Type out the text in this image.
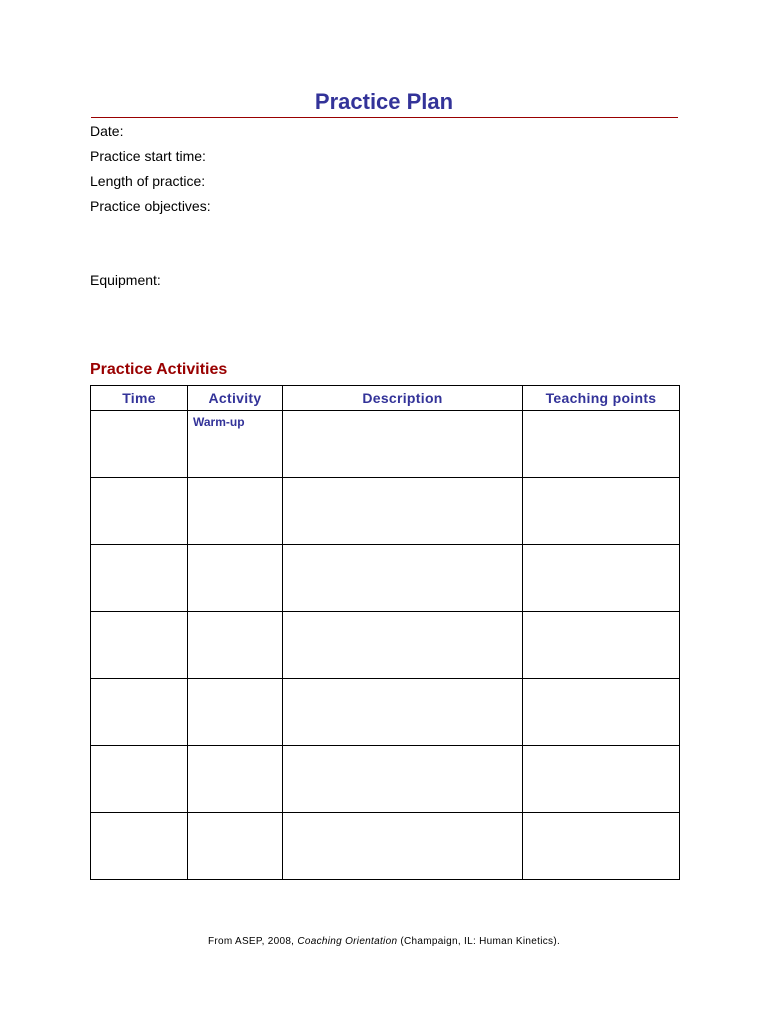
Practice Plan
Date:
Practice start time:
Length of practice:
Practice objectives:
Equipment:
Practice Activities
Time	Activity	Description	Teaching points

	Warm-up		

From ASEP, 2008, Coaching Orientation (Champaign, IL: Human Kinetics).
